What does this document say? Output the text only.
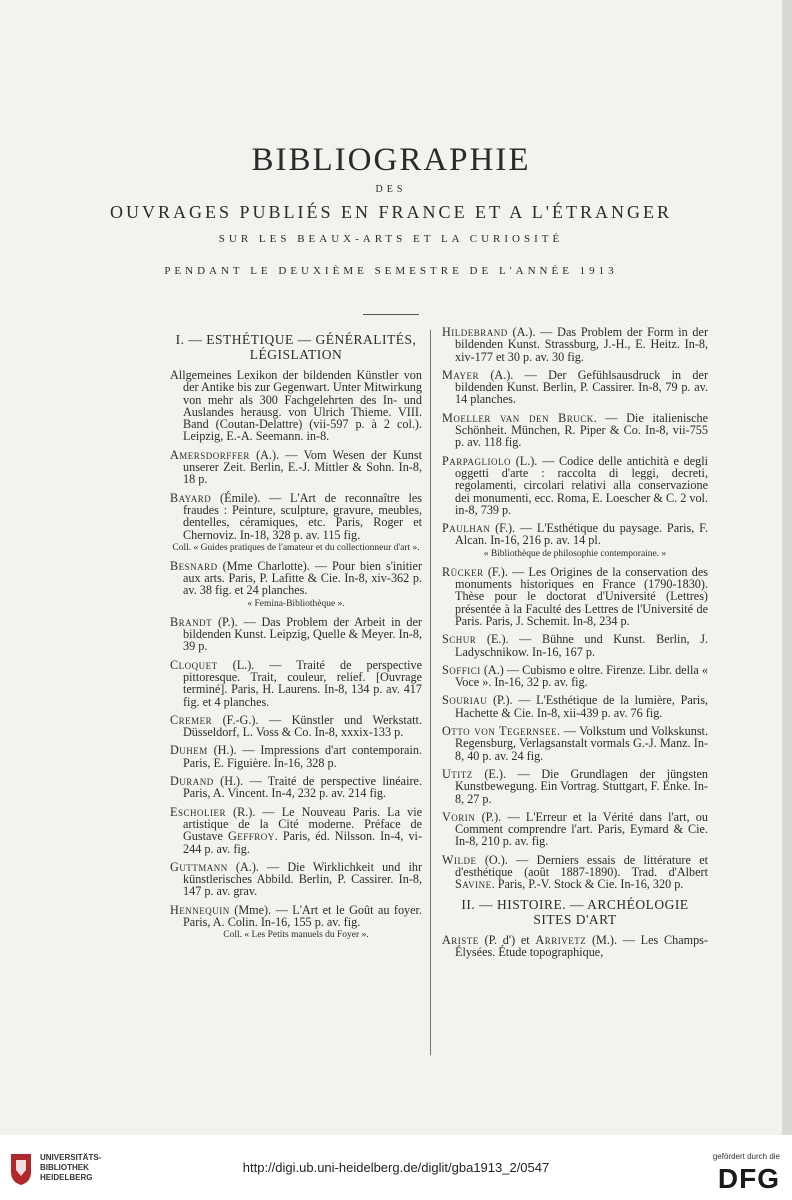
BIBLIOGRAPHIE
DES
OUVRAGES PUBLIÉS EN FRANCE ET A L'ÉTRANGER
SUR LES BEAUX-ARTS ET LA CURIOSITÉ
PENDANT LE DEUXIÈME SEMESTRE DE L'ANNÉE 1913
I. — ESTHÉTIQUE — GÉNÉRALITÉS, LÉGISLATION

Allgemeines Lexikon der bildenden Künstler von der Antike bis zur Gegenwart. Unter Mitwirkung von mehr als 300 Fachgelehrten des In- und Auslandes herausg. von Ulrich Thieme. VIII. Band (Coutan-Delattre) (vii-597 p. à 2 col.). Leipzig, E.-A. Seemann. in-8.

Amersdorffer (A.). — Vom Wesen der Kunst unserer Zeit. Berlin, E.-J. Mittler & Sohn. In-8, 18 p.

Bayard (Émile). — L'Art de reconnaître les fraudes : Peinture, sculpture, gravure, meubles, dentelles, céramiques, etc. Paris, Roger et Chernoviz. In-18, 328 p. av. 115 fig.

Coll. « Guides pratiques de l'amateur et du collectionneur d'art ».

Besnard (Mme Charlotte). — Pour bien s'initier aux arts. Paris, P. Lafitte & Cie. In-8, xiv-362 p. av. 38 fig. et 24 planches.

« Femina-Bibliothèque ».

Brandt (P.). — Das Problem der Arbeit in der bildenden Kunst. Leipzig, Quelle & Meyer. In-8, 39 p.

Cloquet (L.). — Traité de perspective pittoresque. Trait, couleur, relief. [Ouvrage terminé]. Paris, H. Laurens. In-8, 134 p. av. 417 fig. et 4 planches.

Cremer (F.-G.). — Künstler und Werkstatt. Düsseldorf, L. Voss & Co. In-8, xxxix-133 p.

Duhem (H.). — Impressions d'art contemporain. Paris, E. Figuière. In-16, 328 p.

Durand (H.). — Traité de perspective linéaire. Paris, A. Vincent. In-4, 232 p. av. 214 fig.

Escholier (R.). — Le Nouveau Paris. La vie artistique de la Cité moderne. Préface de Gustave Geffroy. Paris, éd. Nilsson. In-4, vi-244 p. av. fig.

Guttmann (A.). — Die Wirklichkeit und ihr künstlerisches Abbild. Berlin, P. Cassirer. In-8, 147 p. av. grav.

Hennequin (Mme). — L'Art et le Goût au foyer. Paris, A. Colin. In-16, 155 p. av. fig.

Coll. « Les Petits manuels du Foyer ».

Hildebrand (A.). — Das Problem der Form in der bildenden Kunst. Strassburg, J.-H., E. Heitz. In-8, xiv-177 et 30 p. av. 30 fig.

Mayer (A.). — Der Gefühlsausdruck in der bildenden Kunst. Berlin, P. Cassirer. In-8, 79 p. av. 14 planches.

Moeller van den Bruck. — Die italienische Schönheit. München, R. Piper & Co. In-8, vii-755 p. av. 118 fig.

Parpagliolo (L.). — Codice delle antichità e degli oggetti d'arte : raccolta di leggi, decreti, regolamenti, circolari relativi alla conservazione dei monumenti, ecc. Roma, E. Loescher & C. 2 vol. in-8, 739 p.

Paulhan (F.). — L'Esthétique du paysage. Paris, F. Alcan. In-16, 216 p. av. 14 pl.

« Bibliothèque de philosophie contemporaine. »

Rücker (F.). — Les Origines de la conservation des monuments historiques en France (1790-1830). Thèse pour le doctorat d'Université (Lettres) présentée à la Faculté des Lettres de l'Université de Paris. Paris, J. Schemit. In-8, 234 p.

Schur (E.). — Bühne und Kunst. Berlin, J. Ladyschnikow. In-16, 167 p.

Soffici (A.) — Cubismo e oltre. Firenze. Libr. della « Voce ». In-16, 32 p. av. fig.

Souriau (P.). — L'Esthétique de la lumière, Paris, Hachette & Cie. In-8, xii-439 p. av. 76 fig.

Otto von Tegernsee. — Volkstum und Volkskunst. Regensburg, Verlagsanstalt vormals G.-J. Manz. In-8, 40 p. av. 24 fig.

Utitz (E.). — Die Grundlagen der jüngsten Kunstbewegung. Ein Vortrag. Stuttgart, F. Enke. In-8, 27 p.

Vorin (P.). — L'Erreur et la Vérité dans l'art, ou Comment comprendre l'art. Paris, Eymard & Cie. In-8, 210 p. av. fig.

Wilde (O.). — Derniers essais de littérature et d'esthétique (août 1887-1890). Trad. d'Albert Savine. Paris, P.-V. Stock & Cie. In-16, 320 p.

II. — HISTOIRE. — ARCHÉOLOGIE SITES D'ART

Ariste (P. d') et Arrivetz (M.). — Les Champs-Élysées. Étude topographique,

UNIVERSITÄTS-
BIBLIOTHEK
HEIDELBERG
http://digi.ub.uni-heidelberg.de/diglit/gba1913_2/0547
gefördert durch die
DFG
